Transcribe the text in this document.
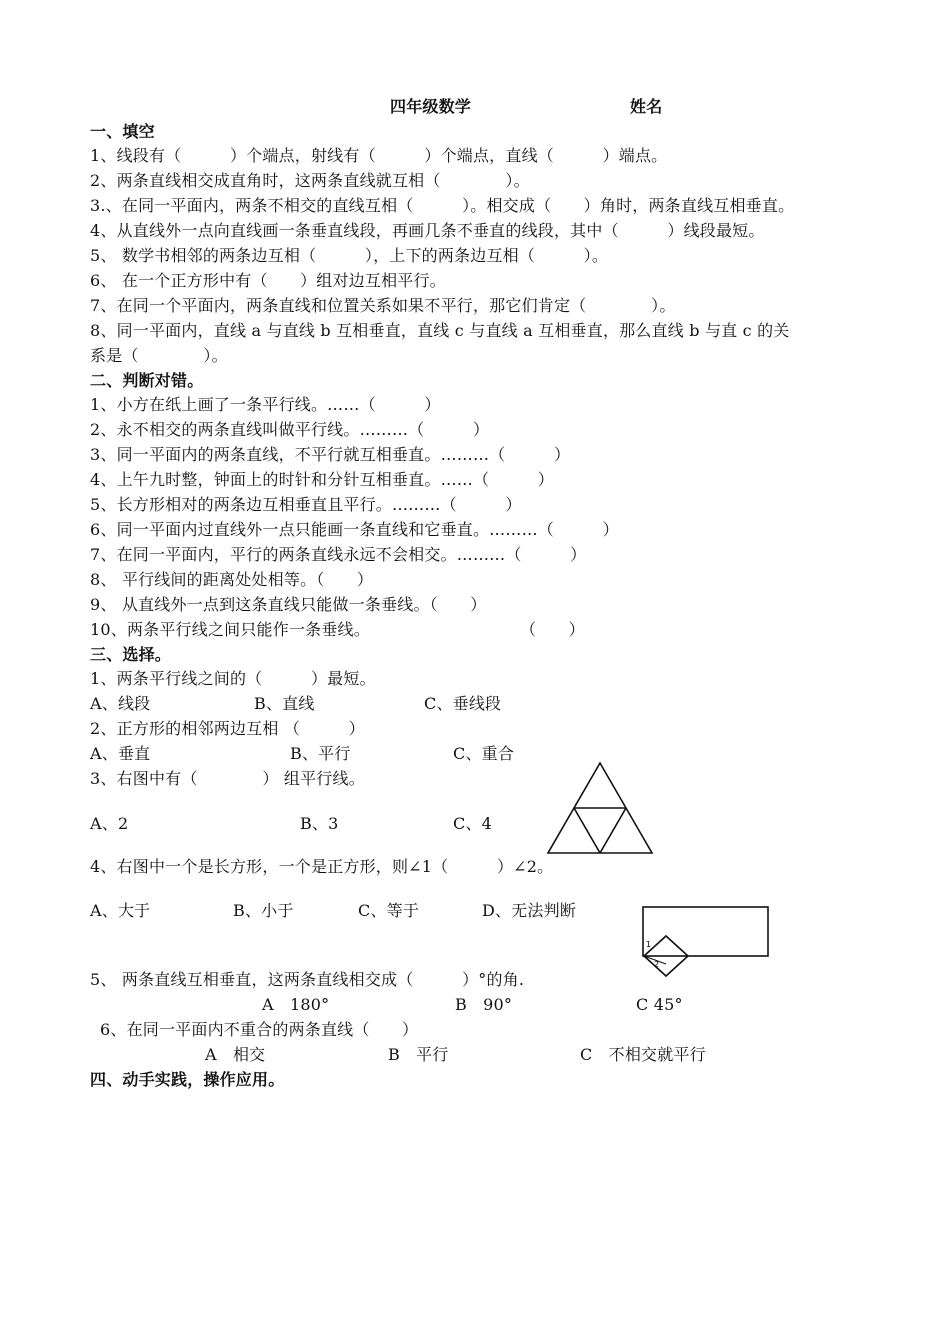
四年级数学	姓名
一、填空
1、线段有（　　　）个端点，射线有（　　　）个端点，直线（　　　）端点。
2、两条直线相交成直角时，这两条直线就互相（　　　　）。
3.、在同一平面内，两条不相交的直线互相（　　　）。相交成（　　）角时，两条直线互相垂直。
4、从直线外一点向直线画一条垂直线段，再画几条不垂直的线段，其中（　　　）线段最短。
5、 数学书相邻的两条边互相（　　　），上下的两条边互相（　　　）。
6、 在一个正方形中有（　　）组对边互相平行。
7、在同一个平面内，两条直线和位置关系如果不平行，那它们肯定（　　　　）。
8、同一平面内，直线 a 与直线 b 互相垂直，直线 c 与直线 a 互相垂直，那么直线 b 与直 c 的关
系是（　　　　）。
二、判断对错。
1、小方在纸上画了一条平行线。……（　　　）
2、永不相交的两条直线叫做平行线。………（　　　）
3、同一平面内的两条直线，不平行就互相垂直。………（　　　）
4、上午九时整，钟面上的时针和分针互相垂直。……（　　　）
5、长方形相对的两条边互相垂直且平行。………（　　　）
6、同一平面内过直线外一点只能画一条直线和它垂直。………（　　　）
7、在同一平面内，平行的两条直线永远不会相交。………（　　　）
8、 平行线间的距离处处相等。（　　）
9、 从直线外一点到这条直线只能做一条垂线。（　　）
10、两条平行线之间只能作一条垂线。	（　　）
三、选择。
1、两条平行线之间的（　　　）最短。
A、线段	B、直线	C、垂线段
2、正方形的相邻两边互相 （　　　）
A、垂直	B、平行	C、重合
3、右图中有（　　　　） 组平行线。
A、2	B、3	C、4
4、右图中一个是长方形，一个是正方形，则∠1（　　　）∠2。
A、大于	B、小于	C、等于	D、无法判断
1
2
5、 两条直线互相垂直，这两条直线相交成（　　　）°的角.
A　180°	B　90°	C 45°
6、在同一平面内不重合的两条直线（　　）
A　相交	B　平行	C　不相交就平行
四、动手实践，操作应用。
